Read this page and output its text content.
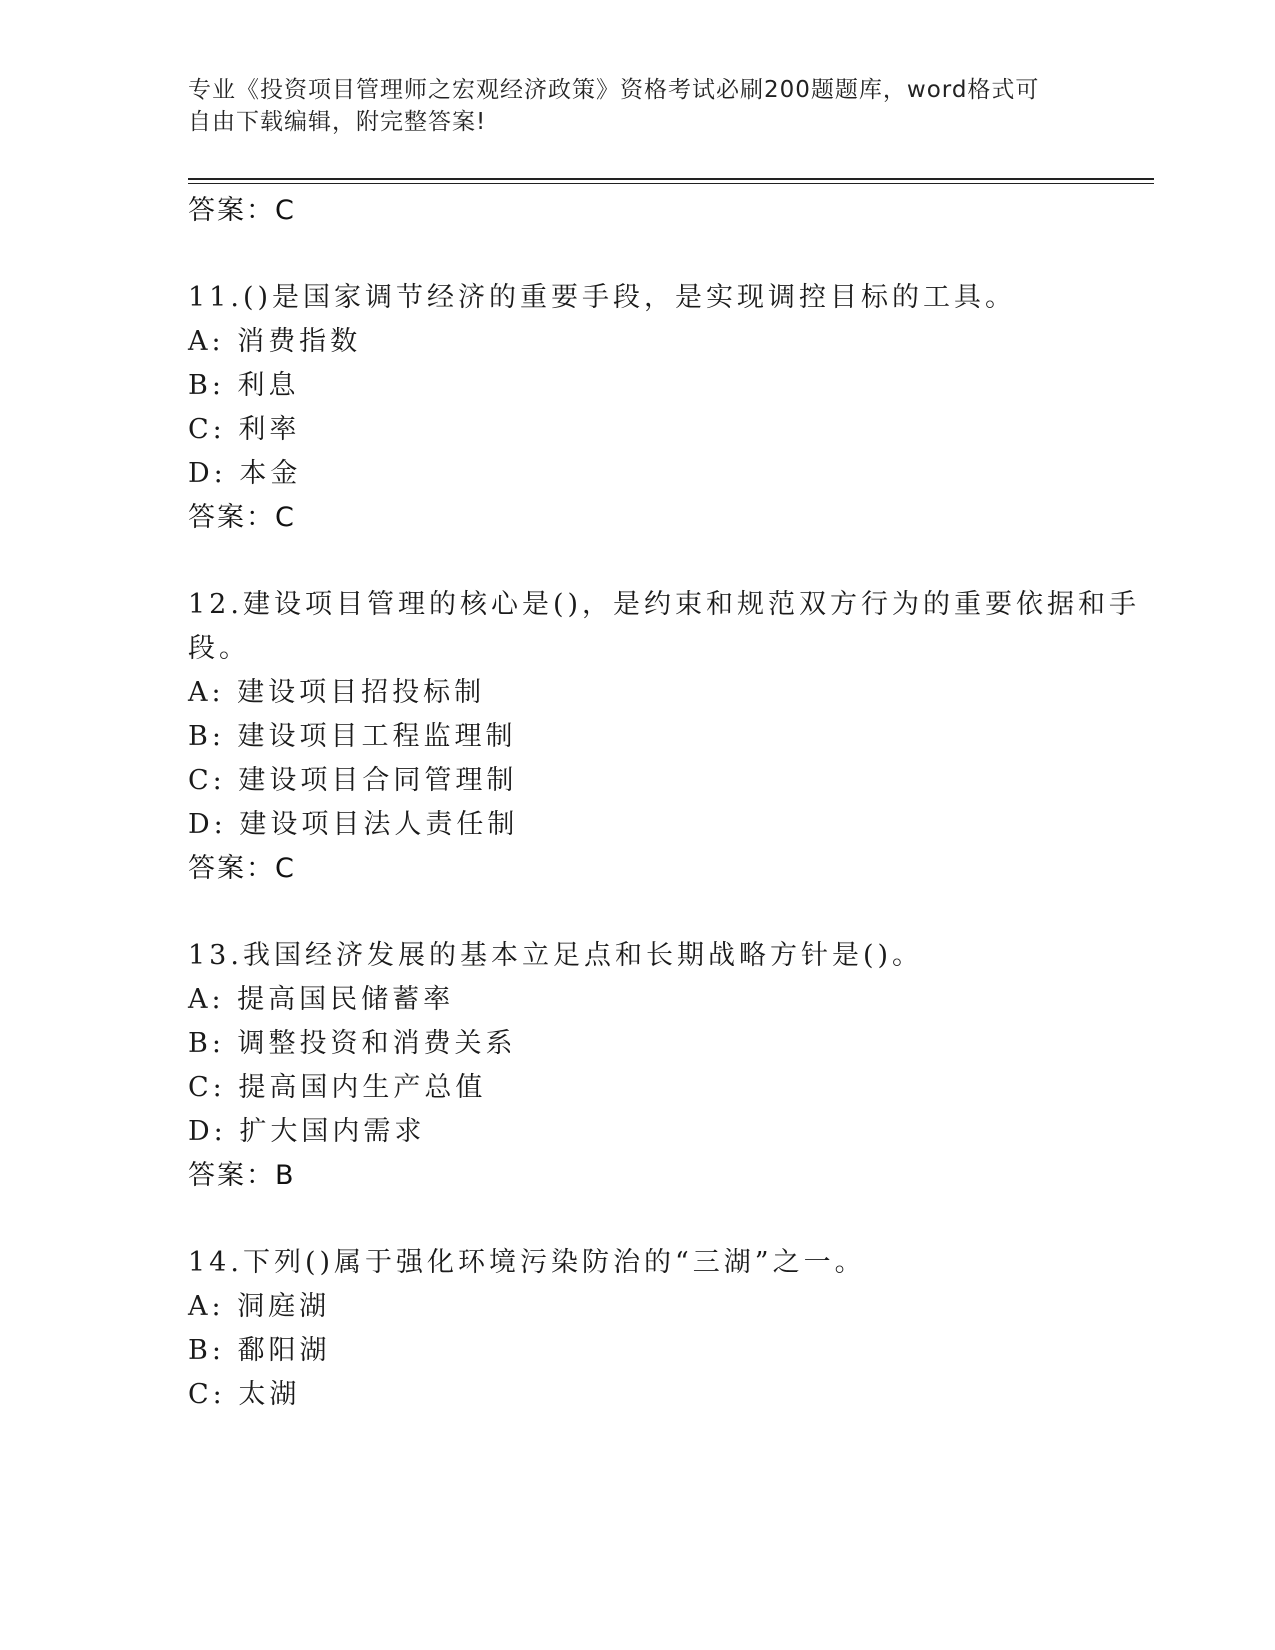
专业《投资项目管理师之宏观经济政策》资格考试必刷200题题库，word格式可
自由下载编辑，附完整答案!
答案：C
11.()是国家调节经济的重要手段，是实现调控目标的工具。
A: 消费指数
B: 利息
C: 利率
D: 本金
答案：C
12.建设项目管理的核心是()，是约束和规范双方行为的重要依据和手
段。
A: 建设项目招投标制
B: 建设项目工程监理制
C: 建设项目合同管理制
D: 建设项目法人责任制
答案：C
13.我国经济发展的基本立足点和长期战略方针是()。
A: 提高国民储蓄率
B: 调整投资和消费关系
C: 提高国内生产总值
D: 扩大国内需求
答案：B
14.下列()属于强化环境污染防治的“三湖”之一。
A: 洞庭湖
B: 鄱阳湖
C: 太湖
